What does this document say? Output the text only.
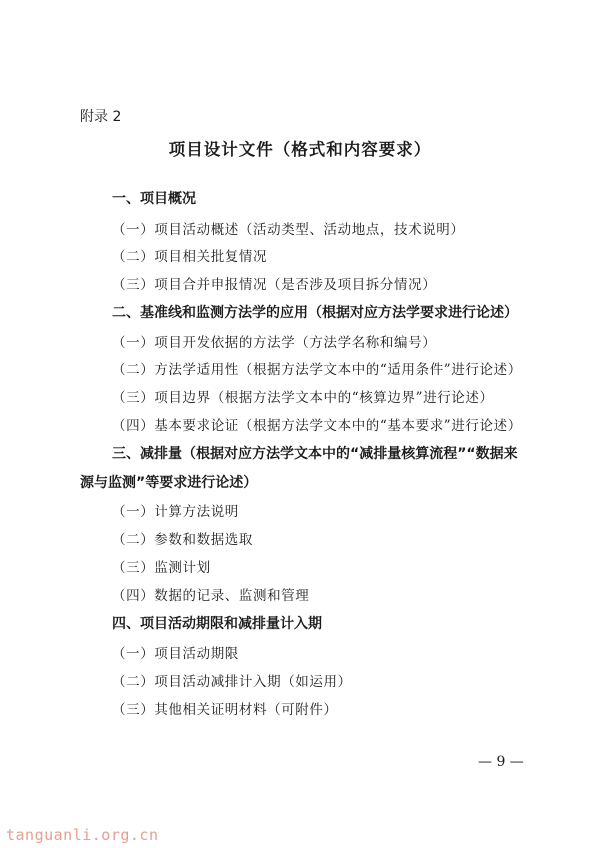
附录 2
项目设计文件（格式和内容要求）
一、项目概况
（一）项目活动概述（活动类型、活动地点，技术说明）
（二）项目相关批复情况
（三）项目合并申报情况（是否涉及项目拆分情况）
二、基准线和监测方法学的应用（根据对应方法学要求进行论述）
（一）项目开发依据的方法学（方法学名称和编号）
（二）方法学适用性（根据方法学文本中的“适用条件”进行论述）
（三）项目边界（根据方法学文本中的“核算边界”进行论述）
（四）基本要求论证（根据方法学文本中的“基本要求”进行论述）
三、减排量（根据对应方法学文本中的“减排量核算流程”“数据来
源与监测”等要求进行论述）
（一）计算方法说明
（二）参数和数据选取
（三）监测计划
（四）数据的记录、监测和管理
四、项目活动期限和减排量计入期
（一）项目活动期限
（二）项目活动减排计入期（如运用）
（三）其他相关证明材料（可附件）
— 9 —
tanguanli.org.cn
